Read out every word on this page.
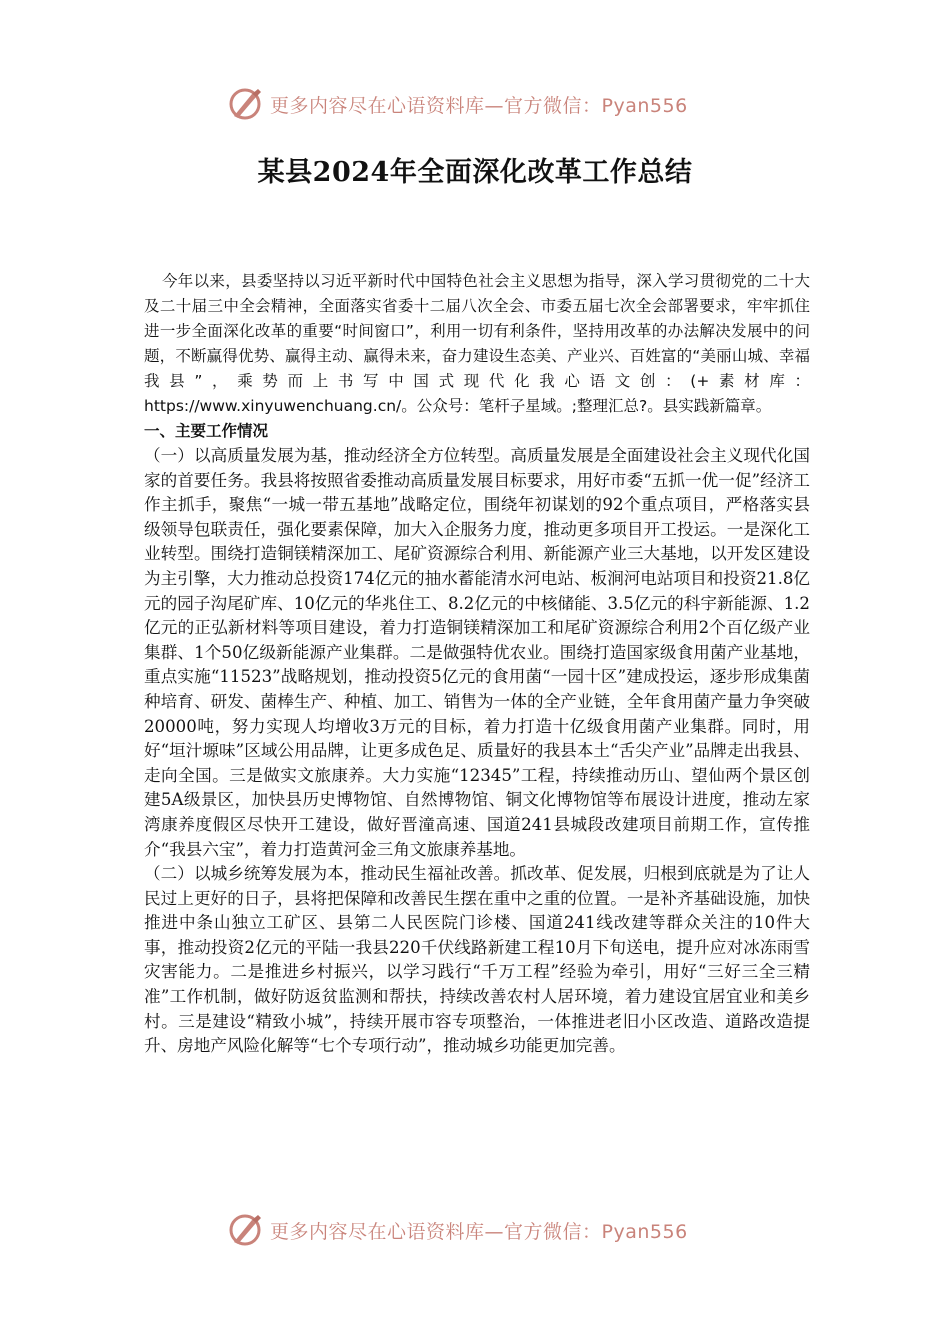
更多内容尽在心语资料库—官方微信：Pyan556
某县2024年全面深化改革工作总结

今年以来，县委坚持以习近平新时代中国特色社会主义思想为指导，深入学习贯彻党的二十大及二十届三中全会精神，全面落实省委十二届八次全会、市委五届七次全会部署要求，牢牢抓住进一步全面深化改革的重要“时间窗口”，利用一切有利条件，坚持用改革的办法解决发展中的问题，不断赢得优势、赢得主动、赢得未来，奋力建设生态美、产业兴、百姓富的“美丽山城、幸福我县”，乘势而上书写中国式现代化我心语文创：(+素材库：https://www.xinyuwenchuang.cn/。公众号：笔杆子星域。;整理汇总?。县实践新篇章。

一、主要工作情况

（一）以高质量发展为基，推动经济全方位转型。高质量发展是全面建设社会主义现代化国家的首要任务。我县将按照省委推动高质量发展目标要求，用好市委“五抓一优一促”经济工作主抓手，聚焦“一城一带五基地”战略定位，围绕年初谋划的92个重点项目，严格落实县级领导包联责任，强化要素保障，加大入企服务力度，推动更多项目开工投运。一是深化工业转型。围绕打造铜镁精深加工、尾矿资源综合利用、新能源产业三大基地，以开发区建设为主引擎，大力推动总投资174亿元的抽水蓄能清水河电站、板涧河电站项目和投资21.8亿元的园子沟尾矿库、10亿元的华兆住工、8.2亿元的中核储能、3.5亿元的科宇新能源、1.2亿元的正弘新材料等项目建设，着力打造铜镁精深加工和尾矿资源综合利用2个百亿级产业集群、1个50亿级新能源产业集群。二是做强特优农业。围绕打造国家级食用菌产业基地，重点实施“11523”战略规划，推动投资5亿元的食用菌“一园十区”建成投运，逐步形成集菌种培育、研发、菌棒生产、种植、加工、销售为一体的全产业链，全年食用菌产量力争突破20000吨，努力实现人均增收3万元的目标，着力打造十亿级食用菌产业集群。同时，用好“垣汁塬味”区域公用品牌，让更多成色足、质量好的我县本土“舌尖产业”品牌走出我县、走向全国。三是做实文旅康养。大力实施“12345”工程，持续推动历山、望仙两个景区创建5A级景区，加快县历史博物馆、自然博物馆、铜文化博物馆等布展设计进度，推动左家湾康养度假区尽快开工建设，做好晋潼高速、国道241县城段改建项目前期工作，宣传推介“我县六宝”，着力打造黄河金三角文旅康养基地。

（二）以城乡统筹发展为本，推动民生福祉改善。抓改革、促发展，归根到底就是为了让人民过上更好的日子，县将把保障和改善民生摆在重中之重的位置。一是补齐基础设施，加快推进中条山独立工矿区、县第二人民医院门诊楼、国道241线改建等群众关注的10件大事，推动投资2亿元的平陆一我县220千伏线路新建工程10月下旬送电，提升应对冰冻雨雪灾害能力。二是推进乡村振兴，以学习践行“千万工程”经验为牵引，用好“三好三全三精准”工作机制，做好防返贫监测和帮扶，持续改善农村人居环境，着力建设宜居宜业和美乡村。三是建设“精致小城”，持续开展市容专项整治，一体推进老旧小区改造、道路改造提升、房地产风险化解等“七个专项行动”，推动城乡功能更加完善。

更多内容尽在心语资料库—官方微信：Pyan556
